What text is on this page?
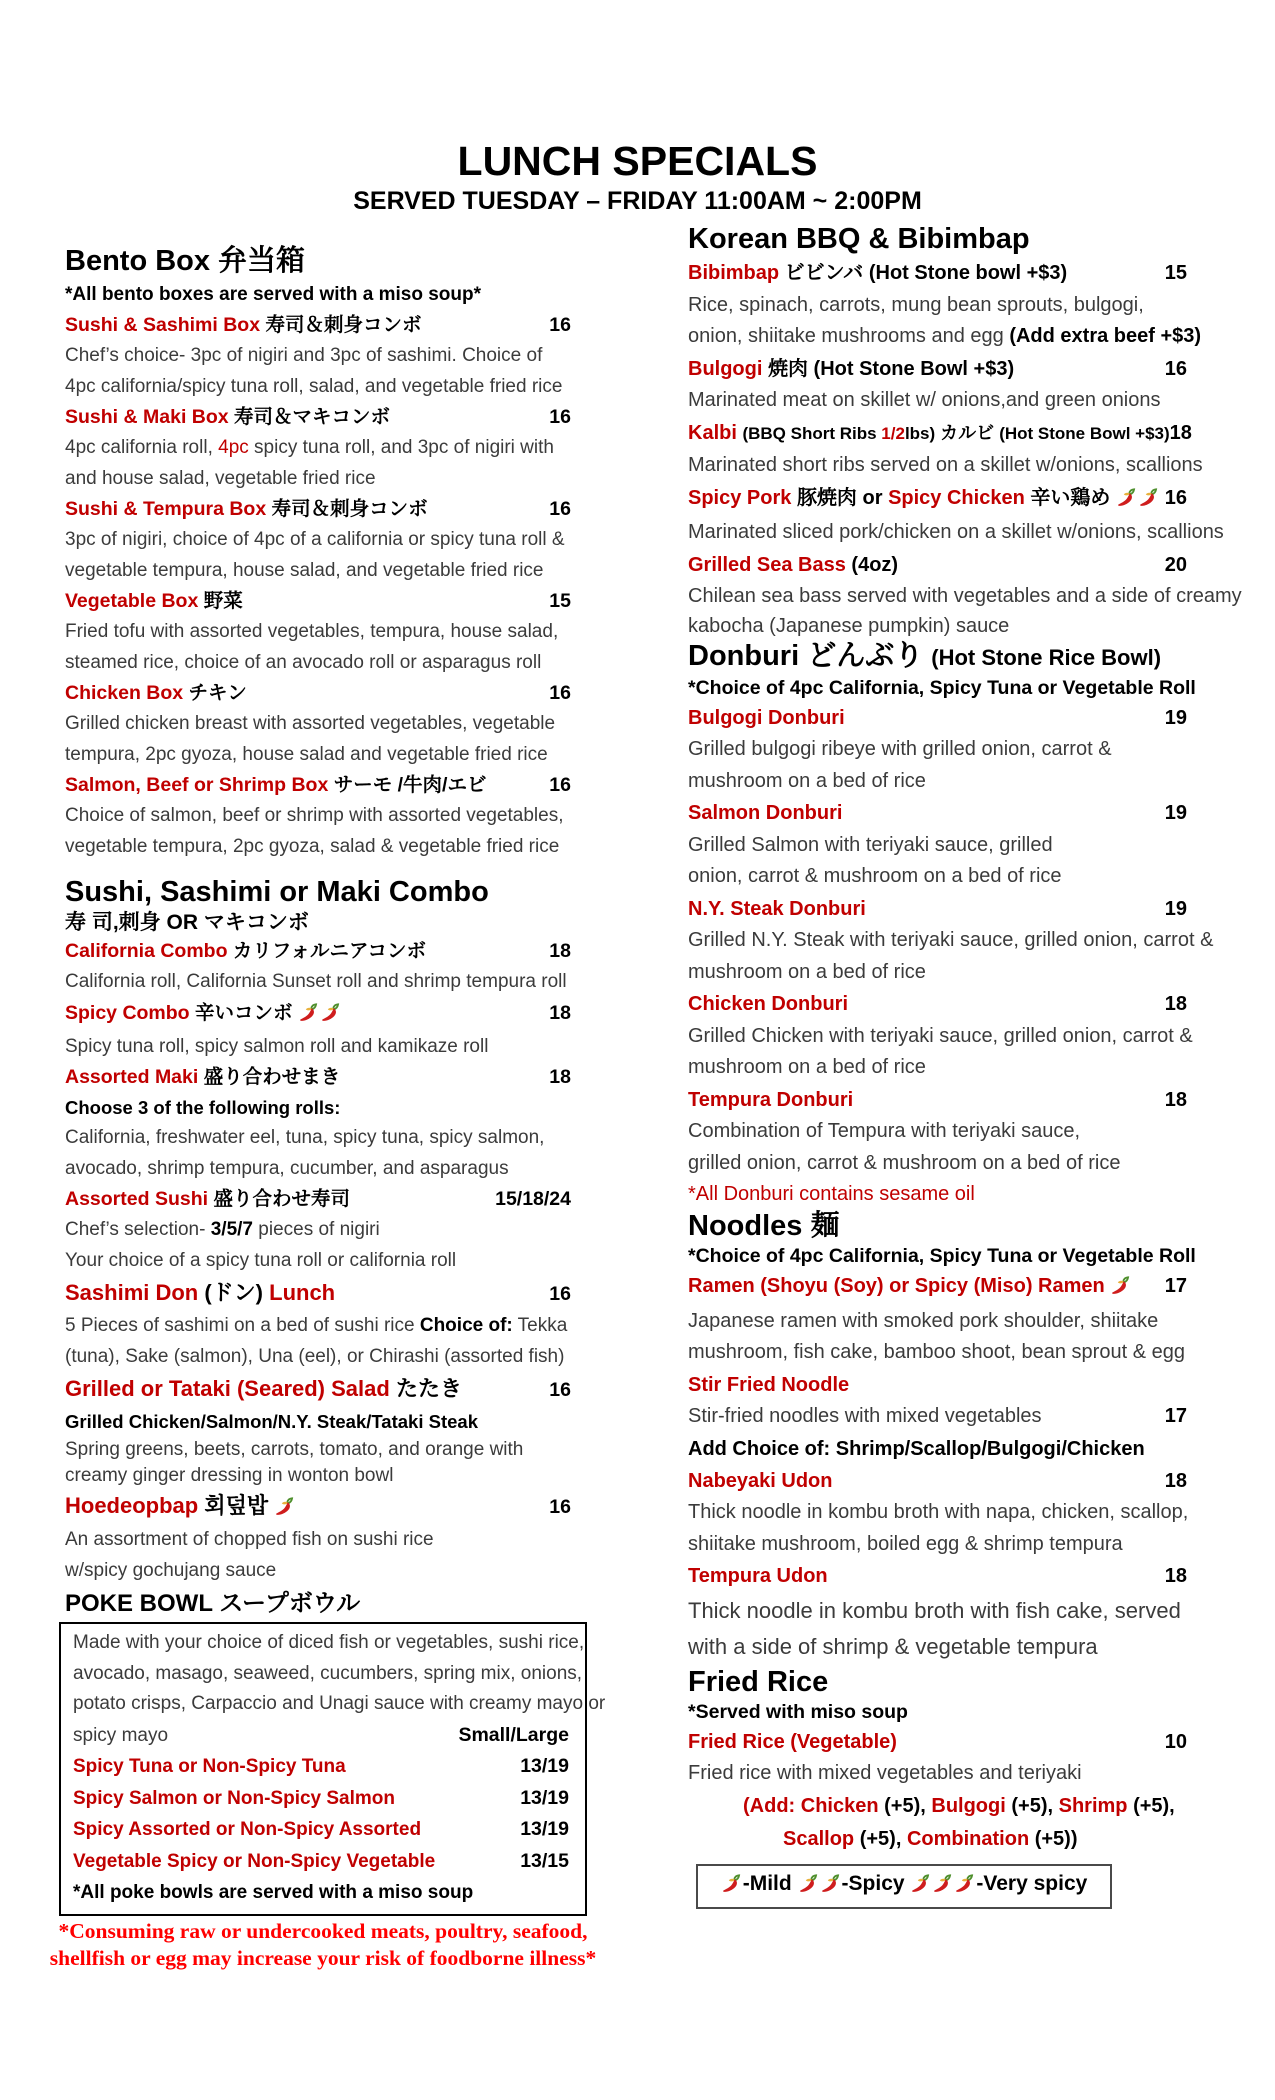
LUNCH SPECIALS
SERVED TUESDAY – FRIDAY 11:00AM ~ 2:00PM
Bento Box 弁当箱
*All bento boxes are served with a miso soup*
Sushi & Sashimi Box 寿司＆刺身コンボ	16
Chef’s choice- 3pc of nigiri and 3pc of sashimi. Choice of
4pc california/spicy tuna roll, salad, and vegetable fried rice
Sushi & Maki Box 寿司＆マキコンボ	16
4pc california roll, 4pc spicy tuna roll, and 3pc of nigiri with
and house salad, vegetable fried rice
Sushi & Tempura Box 寿司＆刺身コンボ	16
3pc of nigiri, choice of 4pc of a california or spicy tuna roll &
vegetable tempura, house salad, and vegetable fried rice
Vegetable Box 野菜	15
Fried tofu with assorted vegetables, tempura, house salad,
steamed rice, choice of an avocado roll or asparagus roll
Chicken Box チキン	16
Grilled chicken breast with assorted vegetables, vegetable
tempura, 2pc gyoza, house salad and vegetable fried rice
Salmon, Beef or Shrimp Box サーモ /牛肉/エビ	16
Choice of salmon, beef or shrimp with assorted vegetables,
vegetable tempura, 2pc gyoza, salad & vegetable fried rice
Sushi, Sashimi or Maki Combo
寿 司,刺身 OR マキコンボ
California Combo カリフォルニアコンボ	18
California roll, California Sunset roll and shrimp tempura roll
Spicy Combo 辛いコンボ	18
Spicy tuna roll, spicy salmon roll and kamikaze roll
Assorted Maki 盛り合わせまき	18
Choose 3 of the following rolls:
California, freshwater eel, tuna, spicy tuna, spicy salmon,
avocado, shrimp tempura, cucumber, and asparagus
Assorted Sushi 盛り合わせ寿司	15/18/24
Chef’s selection- 3/5/7 pieces of nigiri
Your choice of a spicy tuna roll or california roll
Sashimi Don (ドン) Lunch	16
5 Pieces of sashimi on a bed of sushi rice Choice of: Tekka
(tuna), Sake (salmon), Una (eel), or Chirashi (assorted fish)
Grilled or Tataki (Seared) Salad たたき	16
Grilled Chicken/Salmon/N.Y. Steak/Tataki Steak
Spring greens, beets, carrots, tomato, and orange with
creamy ginger dressing in wonton bowl
Hoedeopbap 회덮밥	16
An assortment of chopped fish on sushi rice
w/spicy gochujang sauce
POKE BOWL スープボウル
Made with your choice of diced fish or vegetables, sushi rice,
avocado, masago, seaweed, cucumbers, spring mix, onions,
potato crisps, Carpaccio and Unagi sauce with creamy mayo or
spicy mayo	Small/Large
Spicy Tuna or Non-Spicy Tuna	13/19
Spicy Salmon or Non-Spicy Salmon	13/19
Spicy Assorted or Non-Spicy Assorted	13/19
Vegetable Spicy or Non-Spicy Vegetable	13/15
*All poke bowls are served with a miso soup
*Consuming raw or undercooked meats, poultry, seafood,
shellfish or egg may increase your risk of foodborne illness*
Korean BBQ & Bibimbap
Bibimbap ビビンバ (Hot Stone bowl +$3)	15
Rice, spinach, carrots, mung bean sprouts, bulgogi,
onion, shiitake mushrooms and egg (Add extra beef +$3)
Bulgogi 焼肉 (Hot Stone Bowl +$3)	16
Marinated meat on skillet w/ onions,and green onions
Kalbi (BBQ Short Ribs 1/2lbs) カルビ (Hot Stone Bowl +$3) 18
Marinated short ribs served on a skillet w/onions, scallions
Spicy Pork 豚焼肉 or Spicy Chicken 辛い鶏め	16
Marinated sliced pork/chicken on a skillet w/onions, scallions
Grilled Sea Bass (4oz)	20
Chilean sea bass served with vegetables and a side of creamy
kabocha (Japanese pumpkin) sauce
Donburi どんぶり (Hot Stone Rice Bowl)
*Choice of 4pc California, Spicy Tuna or Vegetable Roll
Bulgogi Donburi	19
Grilled bulgogi ribeye with grilled onion, carrot &
mushroom on a bed of rice
Salmon Donburi	19
Grilled Salmon with teriyaki sauce, grilled
onion, carrot & mushroom on a bed of rice
N.Y. Steak Donburi	19
Grilled N.Y. Steak with teriyaki sauce, grilled onion, carrot &
mushroom on a bed of rice
Chicken Donburi	18
Grilled Chicken with teriyaki sauce, grilled onion, carrot &
mushroom on a bed of rice
Tempura Donburi	18
Combination of Tempura with teriyaki sauce,
grilled onion, carrot & mushroom on a bed of rice
*All Donburi contains sesame oil
Noodles 麺
*Choice of 4pc California, Spicy Tuna or Vegetable Roll
Ramen (Shoyu (Soy) or Spicy (Miso) Ramen	17
Japanese ramen with smoked pork shoulder, shiitake
mushroom, fish cake, bamboo shoot, bean sprout & egg
Stir Fried Noodle
Stir-fried noodles with mixed vegetables	17
Add Choice of: Shrimp/Scallop/Bulgogi/Chicken
Nabeyaki Udon	18
Thick noodle in kombu broth with napa, chicken, scallop,
shiitake mushroom, boiled egg & shrimp tempura
Tempura Udon	18
Thick noodle in kombu broth with fish cake, served
with a side of shrimp & vegetable tempura
Fried Rice
*Served with miso soup
Fried Rice (Vegetable)	10
Fried rice with mixed vegetables and teriyaki
(Add: Chicken (+5), Bulgogi (+5), Shrimp (+5),
Scallop (+5), Combination (+5))
-Mild -Spicy	-Very spicy
